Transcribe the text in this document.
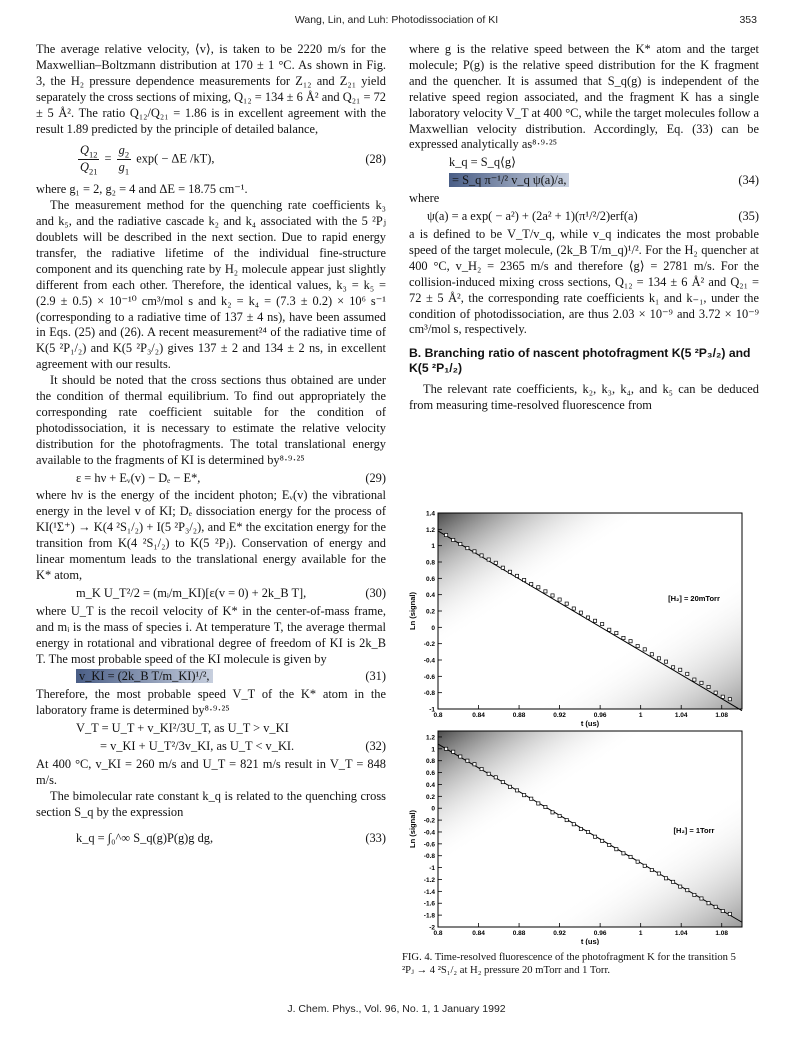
Wang, Lin, and Luh: Photodissociation of KI	353

The average relative velocity, ⟨v⟩, is taken to be 2220 m/s for the Maxwellian–Boltzmann distribution at 170 ± 1 °C. As shown in Fig. 3, the H₂ pressure dependence measurements for Z₁₂ and Z₂₁ yield separately the cross sections of mixing, Q₁₂ = 134 ± 6 Å² and Q₂₁ = 72 ± 5 Å². The ratio Q₁₂/Q₂₁ = 1.86 is in excellent agreement with the result 1.89 predicted by the principle of detailed balance,

$\frac{Q_{12}}{Q_{21}} = \frac{g_2}{g_1} \exp( - \Delta E$ /kT),	(28)

where g₁ = 2, g₂ = 4 and ΔE = 18.75 cm⁻¹.

The measurement method for the quenching rate coefficients k₃ and k₅, and the radiative cascade k₂ and k₄ associated with the 5 ²Pⱼ doublets will be described in the next section. Due to rapid energy transfer, the radiative lifetime of the individual fine-structure component and its quenching rate by H₂ molecule appear just slightly different from each other. Therefore, the identical values, k₃ = k₅ = (2.9 ± 0.5) × 10⁻¹⁰ cm³/mol s and k₂ = k₄ = (7.3 ± 0.2) × 10⁶ s⁻¹ (corresponding to a radiative time of 137 ± 4 ns), have been assumed in Eqs. (25) and (26). A recent measurement²⁴ of the radiative time of K(5 ²P₁/₂) and K(5 ²P₃/₂) gives 137 ± 2 and 134 ± 2 ns, in excellent agreement with our results.

It should be noted that the cross sections thus obtained are under the condition of thermal equilibrium. To find out appropriately the corresponding rate coefficient suitable for the condition of photodissociation, it is necessary to estimate the relative velocity distribution for the photofragments. The total translational energy available to the fragments of KI is determined by⁸·⁹·²⁵

ε = hν + Eᵥ(v) − Dₑ − E*,	(29)

where hν is the energy of the incident photon; Eᵥ(v) the vibrational energy in the level v of KI; Dₑ dissociation energy for the process of KI(¹Σ⁺) → K(4 ²S₁/₂) + I(5 ²P₃/₂), and E* the excitation energy for the transition from K(4 ²S₁/₂) to K(5 ²Pⱼ). Conservation of energy and linear momentum leads to the translational energy available for the K* atom,

m_K U_T²/2 = (mᵢ/m_KI)[ε(v = 0) + 2k_B T],	(30)

where U_T is the recoil velocity of K* in the center-of-mass frame, and mᵢ is the mass of species i. At temperature T, the average thermal energy in rotational and vibrational degree of freedom of KI is 2k_B T. The most probable speed of the KI molecule is given by

v_KI = (2k_B T/m_KI)¹/²,	(31)

Therefore, the most probable speed V_T of the K* atom in the laboratory frame is determined by⁸·⁹·²⁵

V_T = U_T + v_KI²/3U_T, as U_T > v_KI
= v_KI + U_T²/3v_KI, as U_T < v_KI.	(32)

At 400 °C, v_KI = 260 m/s and U_T = 821 m/s result in V_T = 848 m/s.

The bimolecular rate constant k_q is related to the quenching cross section S_q by the expression

k_q = ∫₀^∞ S_q(g)P(g)g dg,	(33)

where g is the relative speed between the K* atom and the target molecule; P(g) is the relative speed distribution for the K fragment and the quencher. It is assumed that S_q(g) is independent of the relative speed region associated, and the fragment K has a single laboratory velocity V_T at 400 °C, while the target molecules follow a Maxwellian velocity distribution. Accordingly, Eq. (33) can be expressed analytically as⁸·⁹·²⁵

k_q = S_q⟨g⟩
= S_q π⁻¹/² v_q ψ(a)/a,	(34)

where

ψ(a) = a exp( − a²) + (2a² + 1)(π¹/²/2)erf(a)	(35)

a is defined to be V_T/v_q, while v_q indicates the most probable speed of the target molecule, (2k_B T/m_q)¹/². For the H₂ quencher at 400 °C, v_H₂ = 2365 m/s and therefore ⟨g⟩ = 2781 m/s. For the collision-induced mixing cross sections, Q₁₂ = 134 ± 6 Å² and Q₂₁ = 72 ± 5 Å², the corresponding rate coefficients k₁ and k₋₁, under the condition of photodissociation, are thus 2.03 × 10⁻⁹ and 3.72 × 10⁻⁹ cm³/mol s, respectively.

B. Branching ratio of nascent photofragment K(5 ²P₃/₂) and K(5 ²P₁/₂)

The relevant rate coefficients, k₂, k₃, k₄, and k₅ can be deduced from measuring time-resolved fluorescence from

1.4
1.2
1
0.8
0.6
0.4
0.2
0
-0.2
-0.4
-0.6
-0.8
-1
0.8	0.84	0.88	0.92	0.96	1	1.04	1.08
t (us)
Ln (signal)	[H₂] = 20mTorr
1.2
1
0.8
0.6
0.4
0.2
0
-0.2
-0.4
-0.6
-0.8
-1
-1.2
-1.4
-1.6
-1.8
-2
0.8	0.84	0.88	0.92	0.96	1	1.04	1.08
t (us)
Ln (signal)	[H₂] = 1Torr
FIG. 4. Time-resolved fluorescence of the photofragment K for the transition 5 ²Pⱼ → 4 ²S₁/₂ at H₂ pressure 20 mTorr and 1 Torr.
J. Chem. Phys., Vol. 96, No. 1, 1 January 1992
